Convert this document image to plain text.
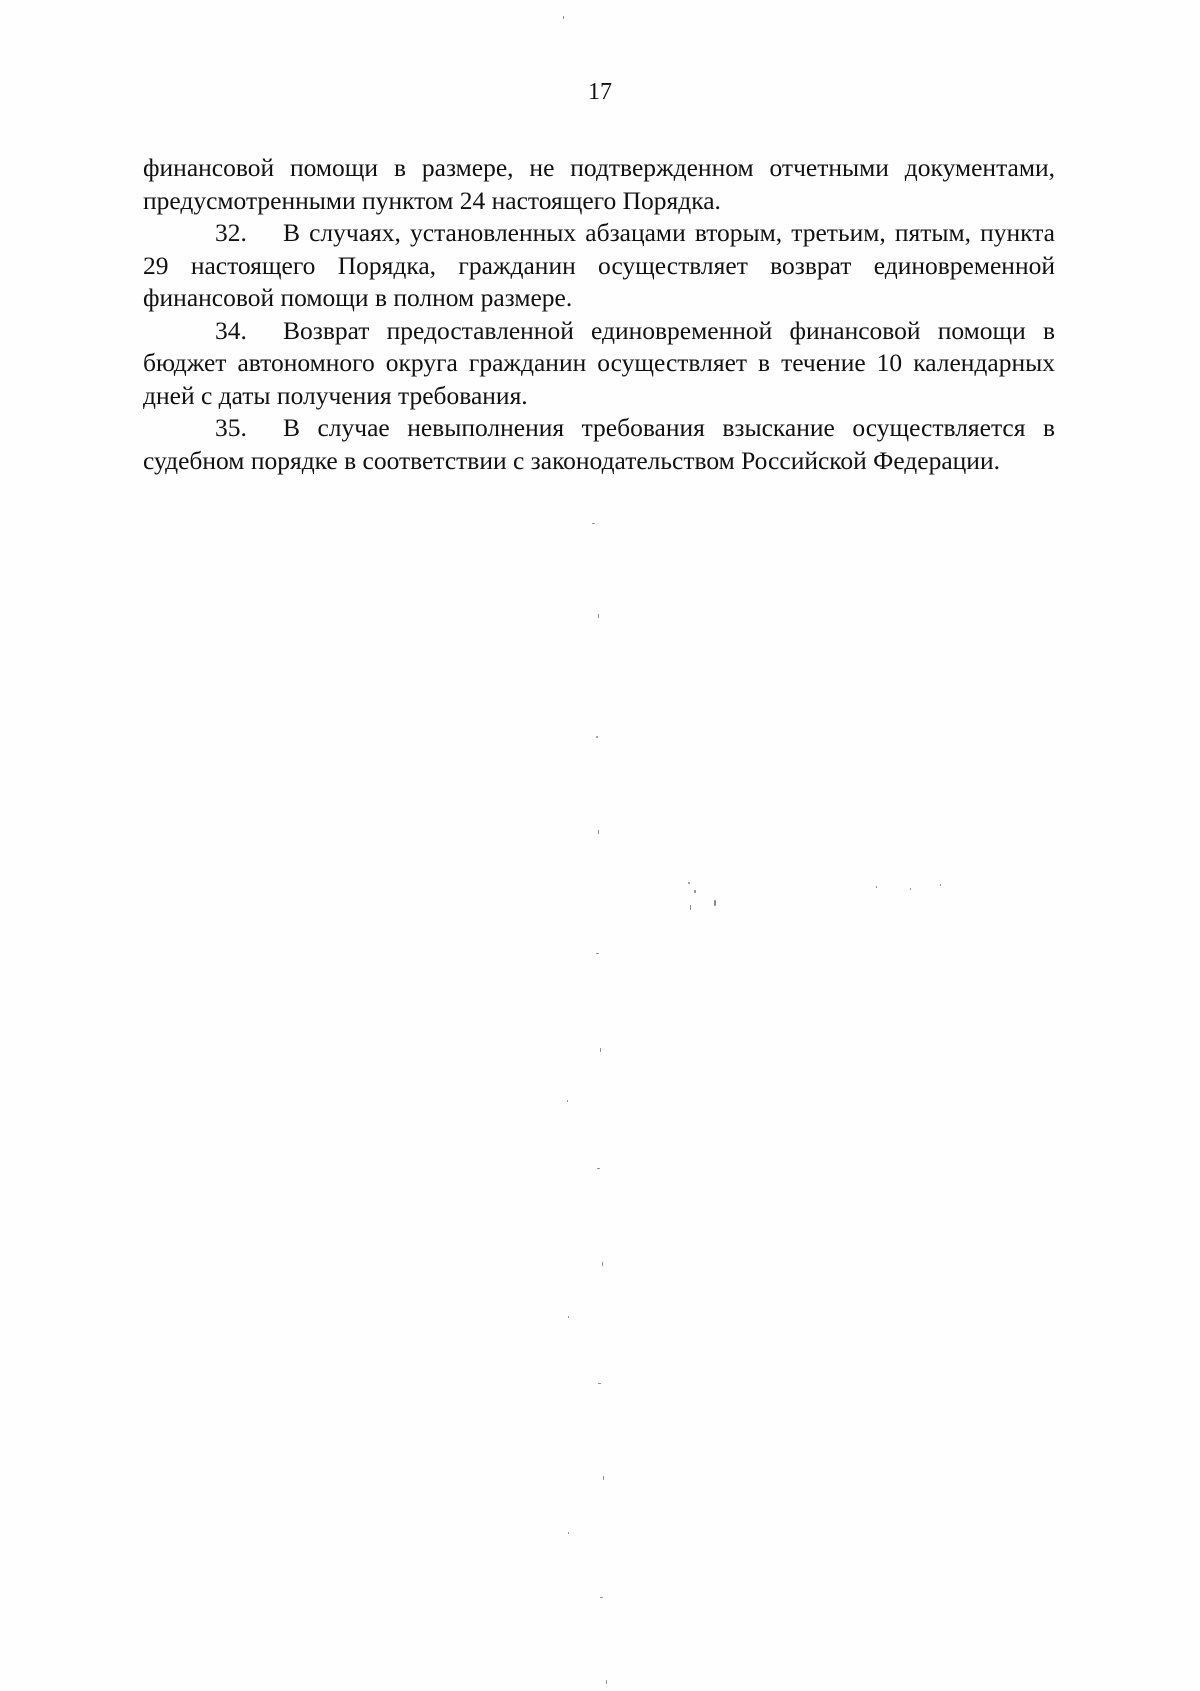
17

финансовой помощи в размере, не подтвержденном отчетными документами, предусмотренными пунктом 24 настоящего Порядка.

32. В случаях, установленных абзацами вторым, третьим, пятым, пункта 29 настоящего Порядка, гражданин осуществляет возврат единовременной финансовой помощи в полном размере.

34. Возврат предоставленной единовременной финансовой помощи в бюджет автономного округа гражданин осуществляет в течение 10 календарных дней с даты получения требования.

35. В случае невыполнения требования взыскание осуществляется в судебном порядке в соответствии с законодательством Российской Федерации.
